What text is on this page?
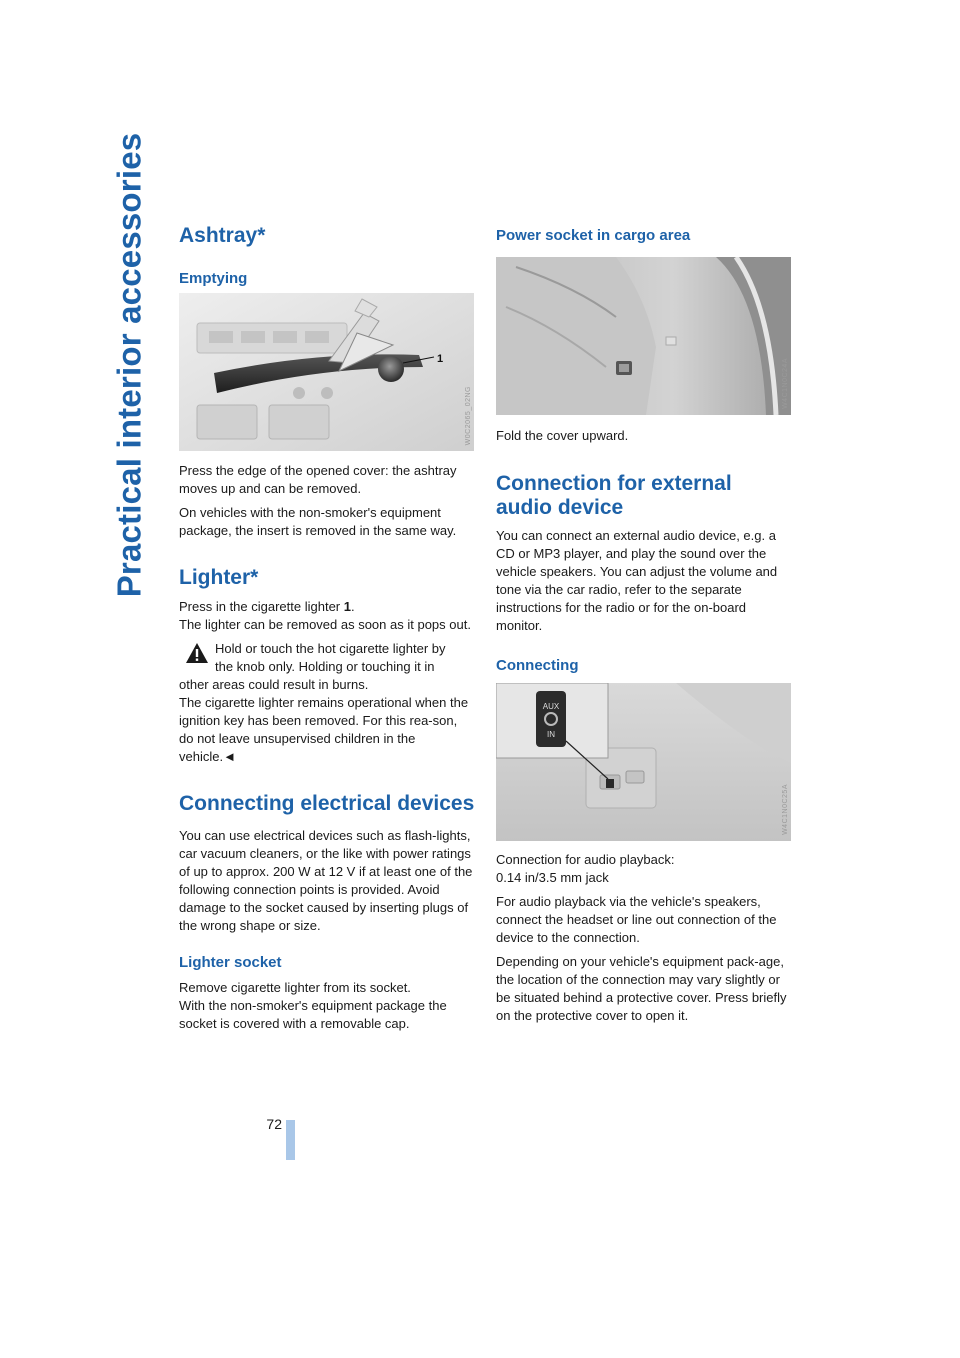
Practical interior accessories
72
Ashtray*
Emptying
1
W0C2065_02NG

Press the edge of the opened cover: the ashtray moves up and can be removed.

On vehicles with the non-smoker's equipment package, the insert is removed in the same way.

Lighter*

Press in the cigarette lighter 1.

The lighter can be removed as soon as it pops out.

Hold or touch the hot cigarette lighter by

the knob only. Holding or touching it in

other areas could result in burns.

The cigarette lighter remains operational when the ignition key has been removed. For this rea-son, do not leave unsupervised children in the vehicle.◄

Connecting electrical devices

You can use electrical devices such as flash-lights, car vacuum cleaners, or the like with power ratings of up to approx. 200 W at 12 V if at least one of the following connection points is provided. Avoid damage to the socket caused by inserting plugs of the wrong shape or size.

Lighter socket

Remove cigarette lighter from its socket.

With the non-smoker's equipment package the socket is covered with a removable cap.

Power socket in cargo area
W4C1N0C24A

Fold the cover upward.

Connection for external audio device

You can connect an external audio device, e.g. a CD or MP3 player, and play the sound over the vehicle speakers. You can adjust the volume and tone via the car radio, refer to the separate instructions for the radio or for the on-board monitor.

Connecting
AUX
IN
W4C1N0C25A

Connection for audio playback:

0.14 in/3.5 mm jack

For audio playback via the vehicle's speakers, connect the headset or line out connection of the device to the connection.

Depending on your vehicle's equipment pack-age, the location of the connection may vary slightly or be situated behind a protective cover. Press briefly on the protective cover to open it.
